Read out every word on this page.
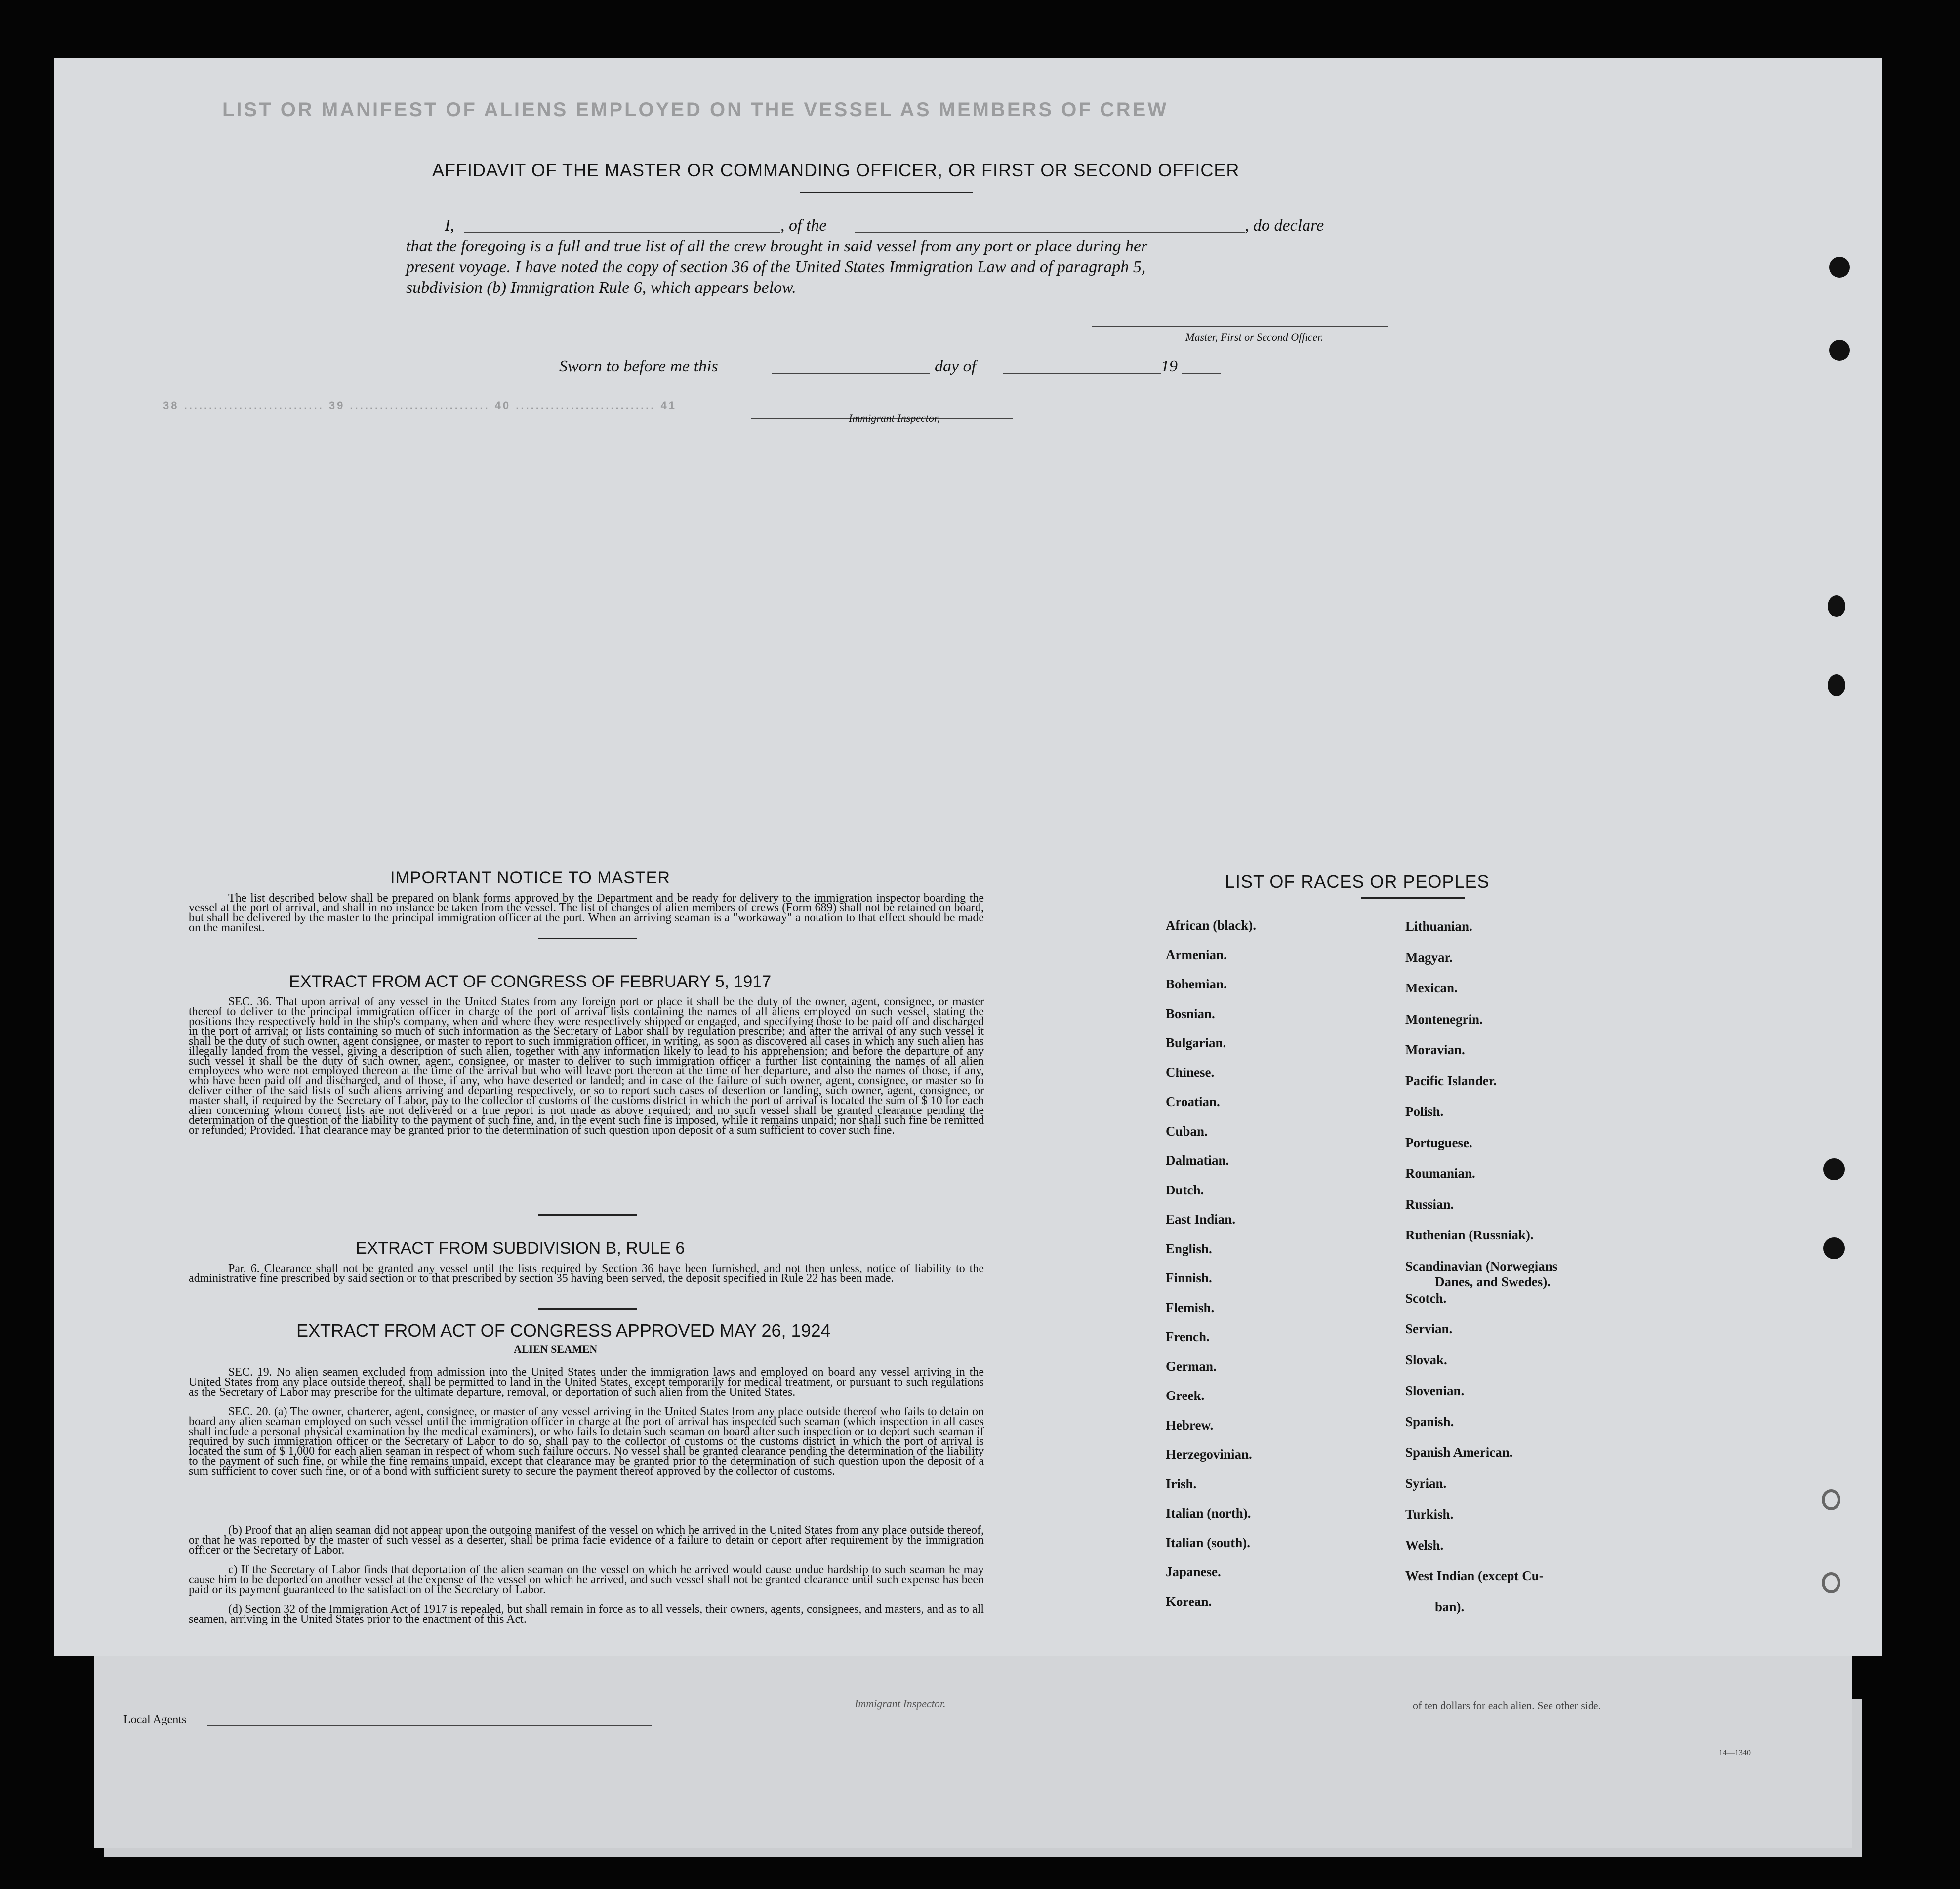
Local Agents
Immigrant Inspector.	of ten dollars for each alien. See other side.
14—1340
LIST OR MANIFEST OF ALIENS EMPLOYED ON THE VESSEL AS MEMBERS OF CREW
AFFIDAVIT OF THE MASTER OR COMMANDING OFFICER, OR FIRST OR SECOND OFFICER
I,	, of the	, do declare
that the foregoing is a full and true list of all the crew brought in said vessel from any port or place during her
present voyage. I have noted the copy of section 36 of the United States Immigration Law and of paragraph 5,
subdivision (b) Immigration Rule 6, which appears below.
Master, First or Second Officer.
Sworn to before me this	day of	19
Immigrant Inspector,
38 ............................ 39 ............................ 40 ............................ 41
IMPORTANT NOTICE TO MASTER
The list described below shall be prepared on blank forms approved by the Department and be ready for delivery to the immigration inspector boarding the vessel at the port of arrival, and shall in no instance be taken from the vessel. The list of changes of alien members of crews (Form 689) shall not be retained on board, but shall be delivered by the master to the principal immigration officer at the port. When an arriving seaman is a "workaway" a notation to that effect should be made on the manifest.
EXTRACT FROM ACT OF CONGRESS OF FEBRUARY 5, 1917
SEC. 36. That upon arrival of any vessel in the United States from any foreign port or place it shall be the duty of the owner, agent, consignee, or master thereof to deliver to the principal immigration officer in charge of the port of arrival lists containing the names of all aliens employed on such vessel, stating the positions they respectively hold in the ship's company, when and where they were respectively shipped or engaged, and specifying those to be paid off and discharged in the port of arrival; or lists containing so much of such information as the Secretary of Labor shall by regulation prescribe; and after the arrival of any such vessel it shall be the duty of such owner, agent consignee, or master to report to such immigration officer, in writing, as soon as discovered all cases in which any such alien has illegally landed from the vessel, giving a description of such alien, together with any information likely to lead to his apprehension; and before the departure of any such vessel it shall be the duty of such owner, agent, consignee, or master to deliver to such immigration officer a further list containing the names of all alien employees who were not employed thereon at the time of the arrival but who will leave port thereon at the time of her departure, and also the names of those, if any, who have been paid off and discharged, and of those, if any, who have deserted or landed; and in case of the failure of such owner, agent, consignee, or master so to deliver either of the said lists of such aliens arriving and departing respectively, or so to report such cases of desertion or landing, such owner, agent, consignee, or master shall, if required by the Secretary of Labor, pay to the collector of customs of the customs district in which the port of arrival is located the sum of $ 10 for each alien concerning whom correct lists are not delivered or a true report is not made as above required; and no such vessel shall be granted clearance pending the determination of the question of the liability to the payment of such fine, and, in the event such fine is imposed, while it remains unpaid; nor shall such fine be remitted or refunded; Provided. That clearance may be granted prior to the determination of such question upon deposit of a sum sufficient to cover such fine.
EXTRACT FROM SUBDIVISION B, RULE 6
Par. 6. Clearance shall not be granted any vessel until the lists required by Section 36 have been furnished, and not then unless, notice of liability to the administrative fine prescribed by said section or to that prescribed by section 35 having been served, the deposit specified in Rule 22 has been made.
EXTRACT FROM ACT OF CONGRESS APPROVED MAY 26, 1924
ALIEN SEAMEN
SEC. 19. No alien seamen excluded from admission into the United States under the immigration laws and employed on board any vessel arriving in the United States from any place outside thereof, shall be permitted to land in the United States, except temporarily for medical treatment, or pursuant to such regulations as the Secretary of Labor may prescribe for the ultimate departure, removal, or deportation of such alien from the United States.
SEC. 20. (a) The owner, charterer, agent, consignee, or master of any vessel arriving in the United States from any place outside thereof who fails to detain on board any alien seaman employed on such vessel until the immigration officer in charge at the port of arrival has inspected such seaman (which inspection in all cases shall include a personal physical examination by the medical examiners), or who fails to detain such seaman on board after such inspection or to deport such seaman if required by such immigration officer or the Secretary of Labor to do so, shall pay to the collector of customs of the customs district in which the port of arrival is located the sum of $ 1,000 for each alien seaman in respect of whom such failure occurs. No vessel shall be granted clearance pending the determination of the liability to the payment of such fine, or while the fine remains unpaid, except that clearance may be granted prior to the determination of such question upon the deposit of a sum sufficient to cover such fine, or of a bond with sufficient surety to secure the payment thereof approved by the collector of customs.
(b) Proof that an alien seaman did not appear upon the outgoing manifest of the vessel on which he arrived in the United States from any place outside thereof, or that he was reported by the master of such vessel as a deserter, shall be prima facie evidence of a failure to detain or deport after requirement by the immigration officer or the Secretary of Labor.
c) If the Secretary of Labor finds that deportation of the alien seaman on the vessel on which he arrived would cause undue hardship to such seaman he may cause him to be deported on another vessel at the expense of the vessel on which he arrived, and such vessel shall not be granted clearance until such expense has been paid or its payment guaranteed to the satisfaction of the Secretary of Labor.
(d) Section 32 of the Immigration Act of 1917 is repealed, but shall remain in force as to all vessels, their owners, agents, consignees, and masters, and as to all seamen, arriving in the United States prior to the enactment of this Act.
LIST OF RACES OR PEOPLES
African (black).
Armenian.
Bohemian.
Bosnian.
Bulgarian.
Chinese.
Croatian.
Cuban.
Dalmatian.
Dutch.
East Indian.
English.
Finnish.
Flemish.
French.
German.
Greek.
Hebrew.
Herzegovinian.
Irish.
Italian (north).
Italian (south).
Japanese.
Korean.
Lithuanian.
Magyar.
Mexican.
Montenegrin.
Moravian.
Pacific Islander.
Polish.
Portuguese.
Roumanian.
Russian.
Ruthenian (Russniak).
Scandinavian (Norwegians
Danes, and Swedes).
Scotch.
Servian.
Slovak.
Slovenian.
Spanish.
Spanish American.
Syrian.
Turkish.
Welsh.
West Indian (except Cu-
ban).
